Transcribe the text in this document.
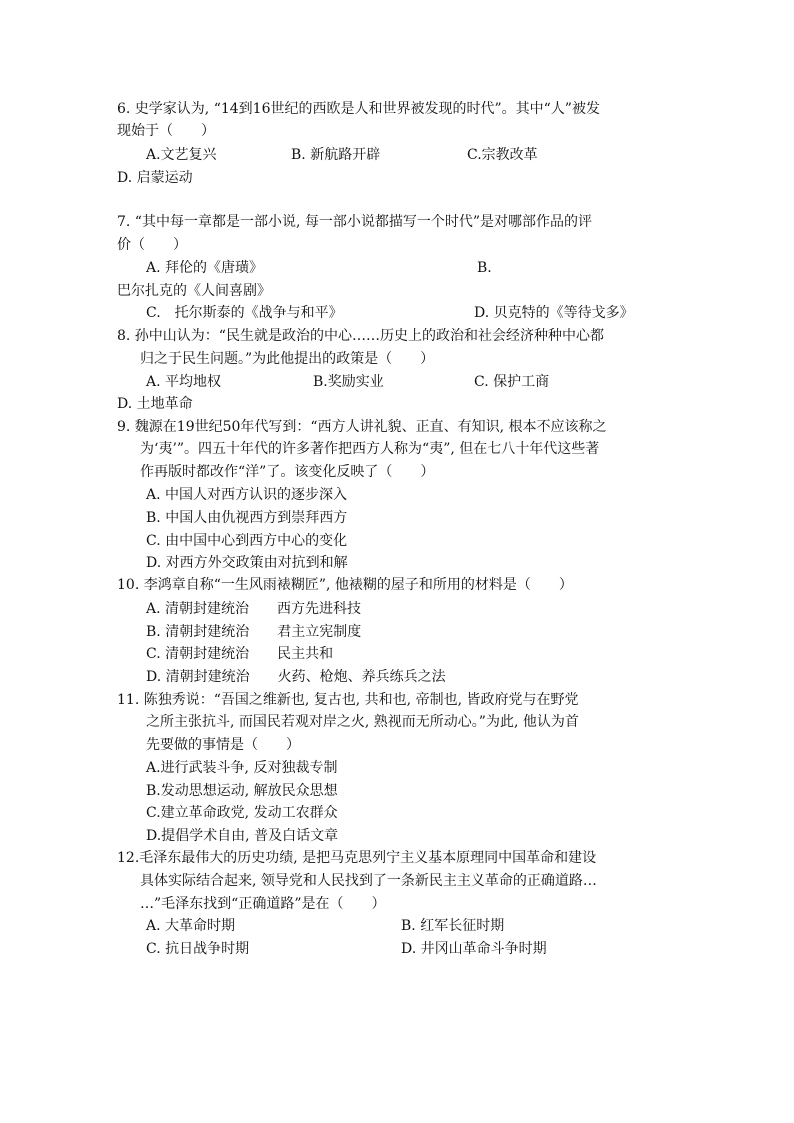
6. 史学家认为, “14到16世纪的西欧是人和世界被发现的时代”。其中“人”被发
现始于（　　）
A.文艺复兴	B. 新航路开辟	C.宗教改革
D. 启蒙运动
7. “其中每一章都是一部小说, 每一部小说都描写一个时代”是对哪部作品的评
价（　　）
A. 拜伦的《唐璜》	B.
巴尔扎克的《人间喜剧》
C.　托尔斯泰的《战争与和平》	D. 贝克特的《等待戈多》
8. 孙中山认为：“民生就是政治的中心……历史上的政治和社会经济种种中心都
归之于民生问题。”为此他提出的政策是（　　）
A. 平均地权	B.奖励实业	C. 保护工商
D. 土地革命
9. 魏源在19世纪50年代写到：“西方人讲礼貌、正直、有知识, 根本不应该称之
为‘夷’”。四五十年代的许多著作把西方人称为“夷”, 但在七八十年代这些著
作再版时都改作“洋”了。该变化反映了（　　）
A. 中国人对西方认识的逐步深入
B. 中国人由仇视西方到崇拜西方
C. 由中国中心到西方中心的变化
D. 对西方外交政策由对抗到和解
10. 李鸿章自称“一生风雨裱糊匠”, 他裱糊的屋子和所用的材料是（　　）
A. 清朝封建统治　　西方先进科技
B. 清朝封建统治　　君主立宪制度
C. 清朝封建统治　　民主共和
D. 清朝封建统治　　火药、枪炮、养兵练兵之法
11. 陈独秀说：“吾国之维新也, 复古也, 共和也, 帝制也, 皆政府党与在野党
之所主张抗斗, 而国民若观对岸之火, 熟视而无所动心。”为此, 他认为首
先要做的事情是（　　）
A.进行武装斗争, 反对独裁专制
B.发动思想运动, 解放民众思想
C.建立革命政党, 发动工农群众
D.提倡学术自由, 普及白话文章
12.毛泽东最伟大的历史功绩, 是把马克思列宁主义基本原理同中国革命和建设
具体实际结合起来, 领导党和人民找到了一条新民主主义革命的正确道路…
…”毛泽东找到“正确道路”是在（　　）
A. 大革命时期	B. 红军长征时期
C. 抗日战争时期	D. 井冈山革命斗争时期
